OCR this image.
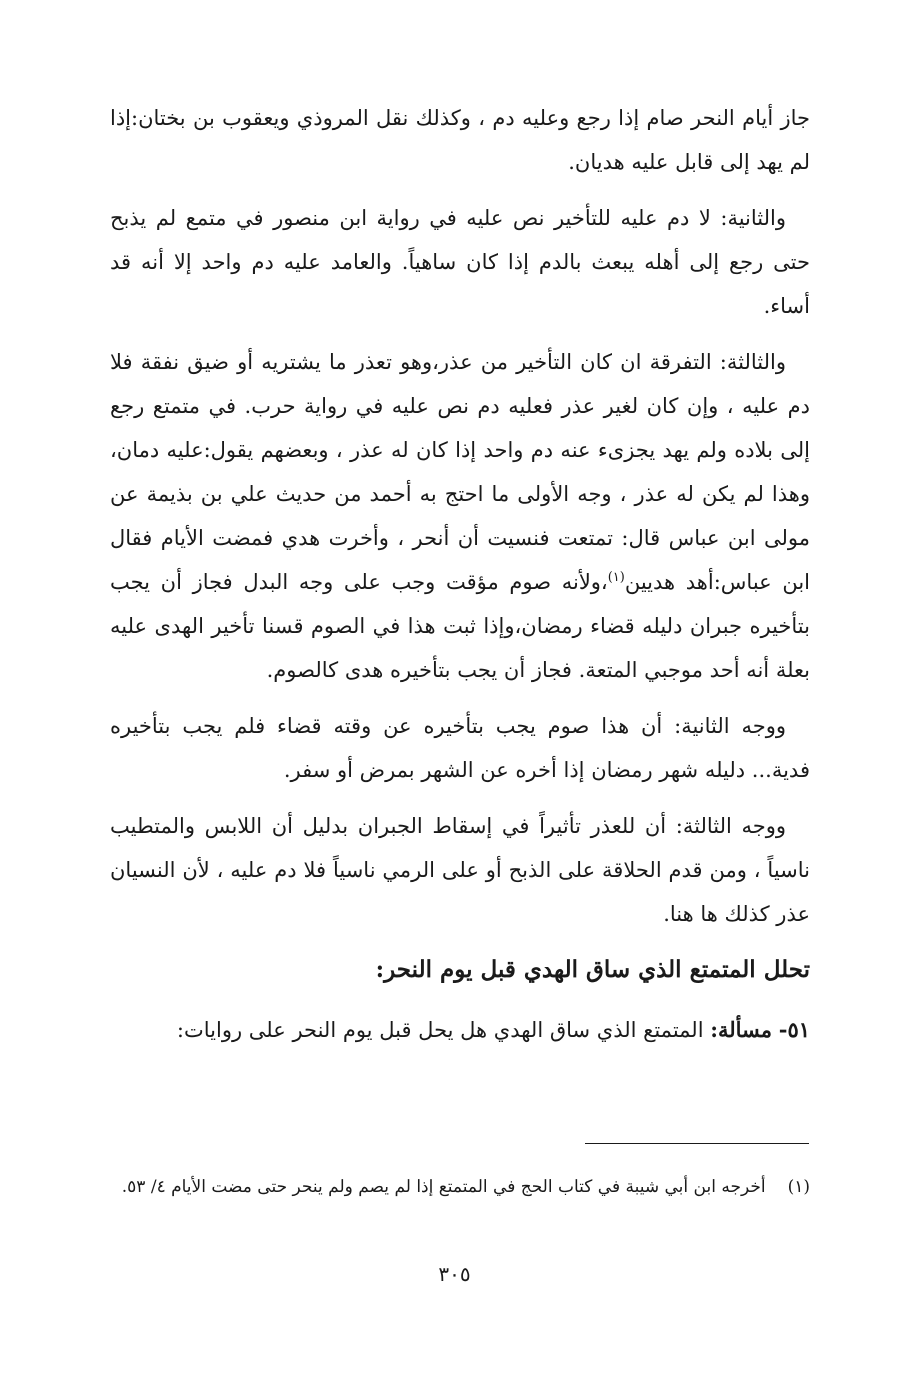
جاز أيام النحر صام إذا رجع وعليه دم ، وكذلك نقل المروذي ويعقوب بن بختان:إذا لم يهد إلى قابل عليه هديان.

والثانية: لا دم عليه للتأخير نص عليه في رواية ابن منصور في متمع لم يذبح حتى رجع إلى أهله يبعث بالدم إذا كان ساهياً. والعامد عليه دم واحد إلا أنه قد أساء.

والثالثة: التفرقة ان كان التأخير من عذر،وهو تعذر ما يشتريه أو ضيق نفقة فلا دم عليه ، وإن كان لغير عذر فعليه دم نص عليه في رواية حرب. في متمتع رجع إلى بلاده ولم يهد يجزىء عنه دم واحد إذا كان له عذر ، وبعضهم يقول:عليه دمان، وهذا لم يكن له عذر ، وجه الأولى ما احتج به أحمد من حديث علي بن بذيمة عن مولى ابن عباس قال: تمتعت فنسيت أن أنحر ، وأخرت هدي فمضت الأيام فقال ابن عباس:أهد هديين$^{(١)}$،ولأنه صوم مؤقت وجب على وجه البدل فجاز أن يجب بتأخيره جبران دليله قضاء رمضان،وإذا ثبت هذا في الصوم قسنا تأخير الهدى عليه بعلة أنه أحد موجبي المتعة. فجاز أن يجب بتأخيره هدى كالصوم.

ووجه الثانية: أن هذا صوم يجب بتأخيره عن وقته قضاء فلم يجب بتأخيره فدية... دليله شهر رمضان إذا أخره عن الشهر بمرض أو سفر.

ووجه الثالثة: أن للعذر تأثيراً في إسقاط الجبران بدليل أن اللابس والمتطيب ناسياً ، ومن قدم الحلاقة على الذبح أو على الرمي ناسياً فلا دم عليه ، لأن النسيان عذر كذلك ها هنا.

تحلل المتمتع الذي ساق الهدي قبل يوم النحر:

٥١- مسألة: المتمتع الذي ساق الهدي هل يحل قبل يوم النحر على روايات:

(١)أخرجه ابن أبي شيبة في كتاب الحج في المتمتع إذا لم يصم ولم ينحر حتى مضت الأيام ٤/ ٥٣.
٣٠٥
